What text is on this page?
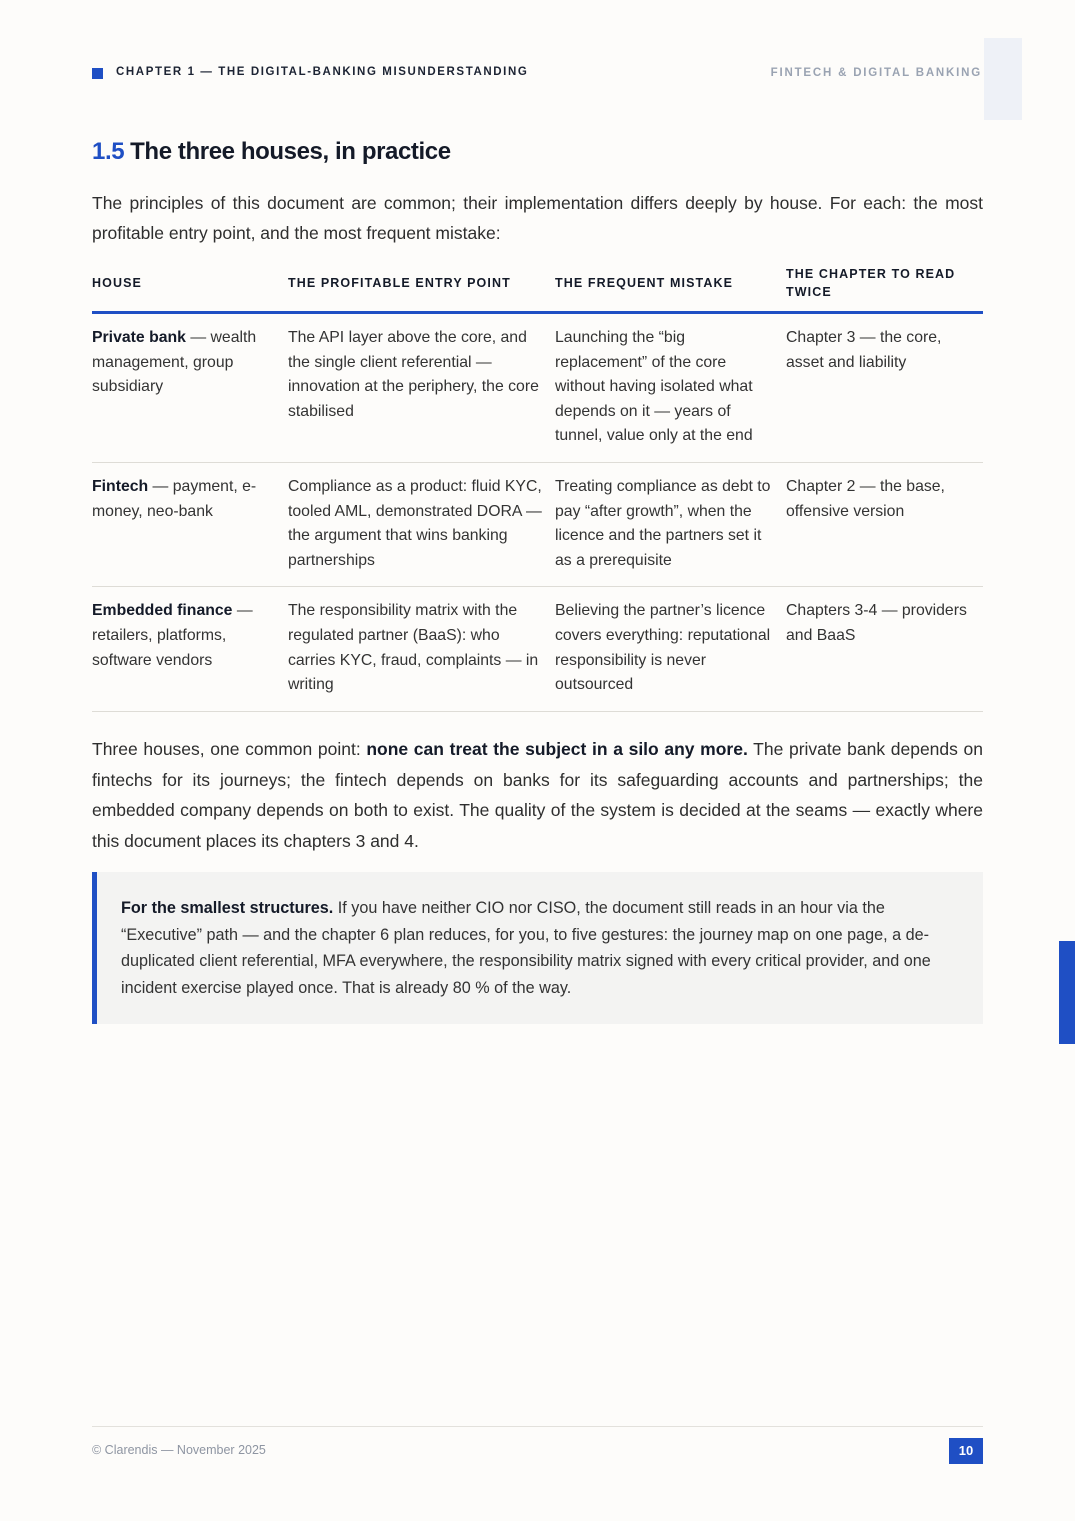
CHAPTER 1 — THE DIGITAL-BANKING MISUNDERSTANDING	FINTECH & DIGITAL BANKING
1.5 The three houses, in practice

The principles of this document are common; their implementation differs deeply by house. For each: the most profitable entry point, and the most frequent mistake:

HOUSE	THE PROFITABLE ENTRY POINT	THE FREQUENT MISTAKE	THE CHAPTER TO READ TWICE
Private bank — wealth management, group subsidiary	The API layer above the core, and the single client referential — innovation at the periphery, the core stabilised	Launching the “big replacement” of the core without having isolated what depends on it — years of tunnel, value only at the end	Chapter 3 — the core, asset and liability
Fintech — payment, e-money, neo-bank	Compliance as a product: fluid KYC, tooled AML, demonstrated DORA — the argument that wins banking partnerships	Treating compliance as debt to pay “after growth”, when the licence and the partners set it as a prerequisite	Chapter 2 — the base, offensive version
Embedded finance — retailers, platforms, software vendors	The responsibility matrix with the regulated partner (BaaS): who carries KYC, fraud, complaints — in writing	Believing the partner’s licence covers everything: reputational responsibility is never outsourced	Chapters 3-4 — providers and BaaS

Three houses, one common point: none can treat the subject in a silo any more. The private bank depends on fintechs for its journeys; the fintech depends on banks for its safeguarding accounts and partnerships; the embedded company depends on both to exist. The quality of the system is decided at the seams — exactly where this document places its chapters 3 and 4.

For the smallest structures. If you have neither CIO nor CISO, the document still reads in an hour via the “Executive” path — and the chapter 6 plan reduces, for you, to five gestures: the journey map on one page, a de-duplicated client referential, MFA everywhere, the responsibility matrix signed with every critical provider, and one incident exercise played once. That is already 80 % of the way.
© Clarendis — November 2025	10
